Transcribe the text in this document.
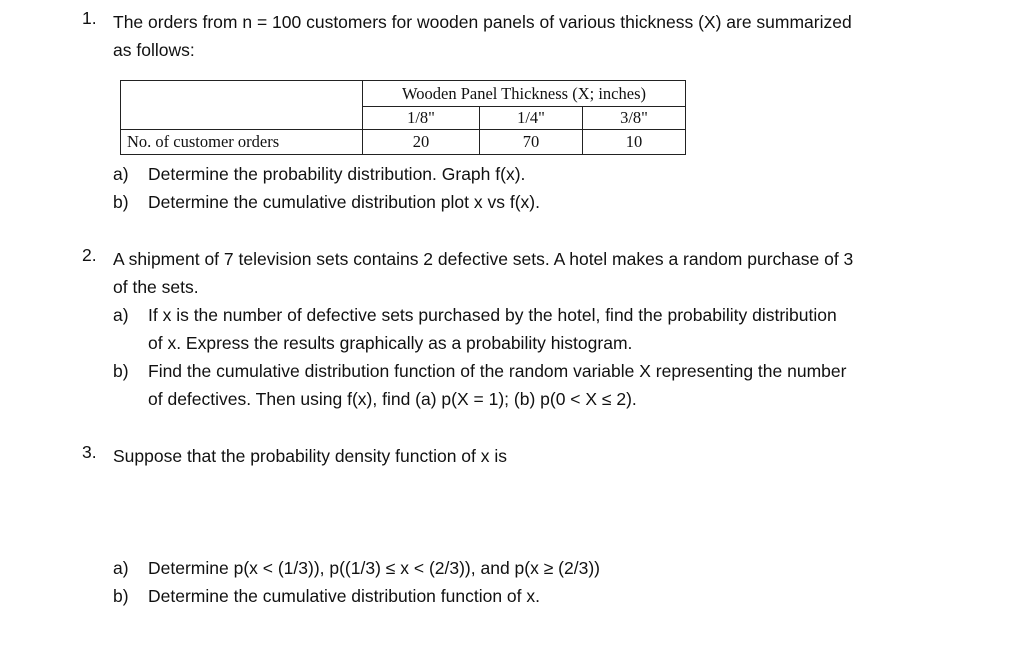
1. The orders from n = 100 customers for wooden panels of various thickness (X) are summarized
as follows:
	Wooden Panel Thickness (X; inches)		
	1/8"	1/4"	3/8"
No. of customer orders	20	70	10
a) Determine the probability distribution. Graph f(x).
b) Determine the cumulative distribution plot x vs f(x).
2. A shipment of 7 television sets contains 2 defective sets. A hotel makes a random purchase of 3
of the sets.
a) If x is the number of defective sets purchased by the hotel, find the probability distribution
of x. Express the results graphically as a probability histogram.
b) Find the cumulative distribution function of the random variable X representing the number
of defectives. Then using f(x), find (a) p(X = 1); (b) p(0 < X ≤ 2).
3. Suppose that the probability density function of x is
a) Determine p(x < (1/3)), p((1/3) ≤ x < (2/3)), and p(x ≥ (2/3))
b) Determine the cumulative distribution function of x.
